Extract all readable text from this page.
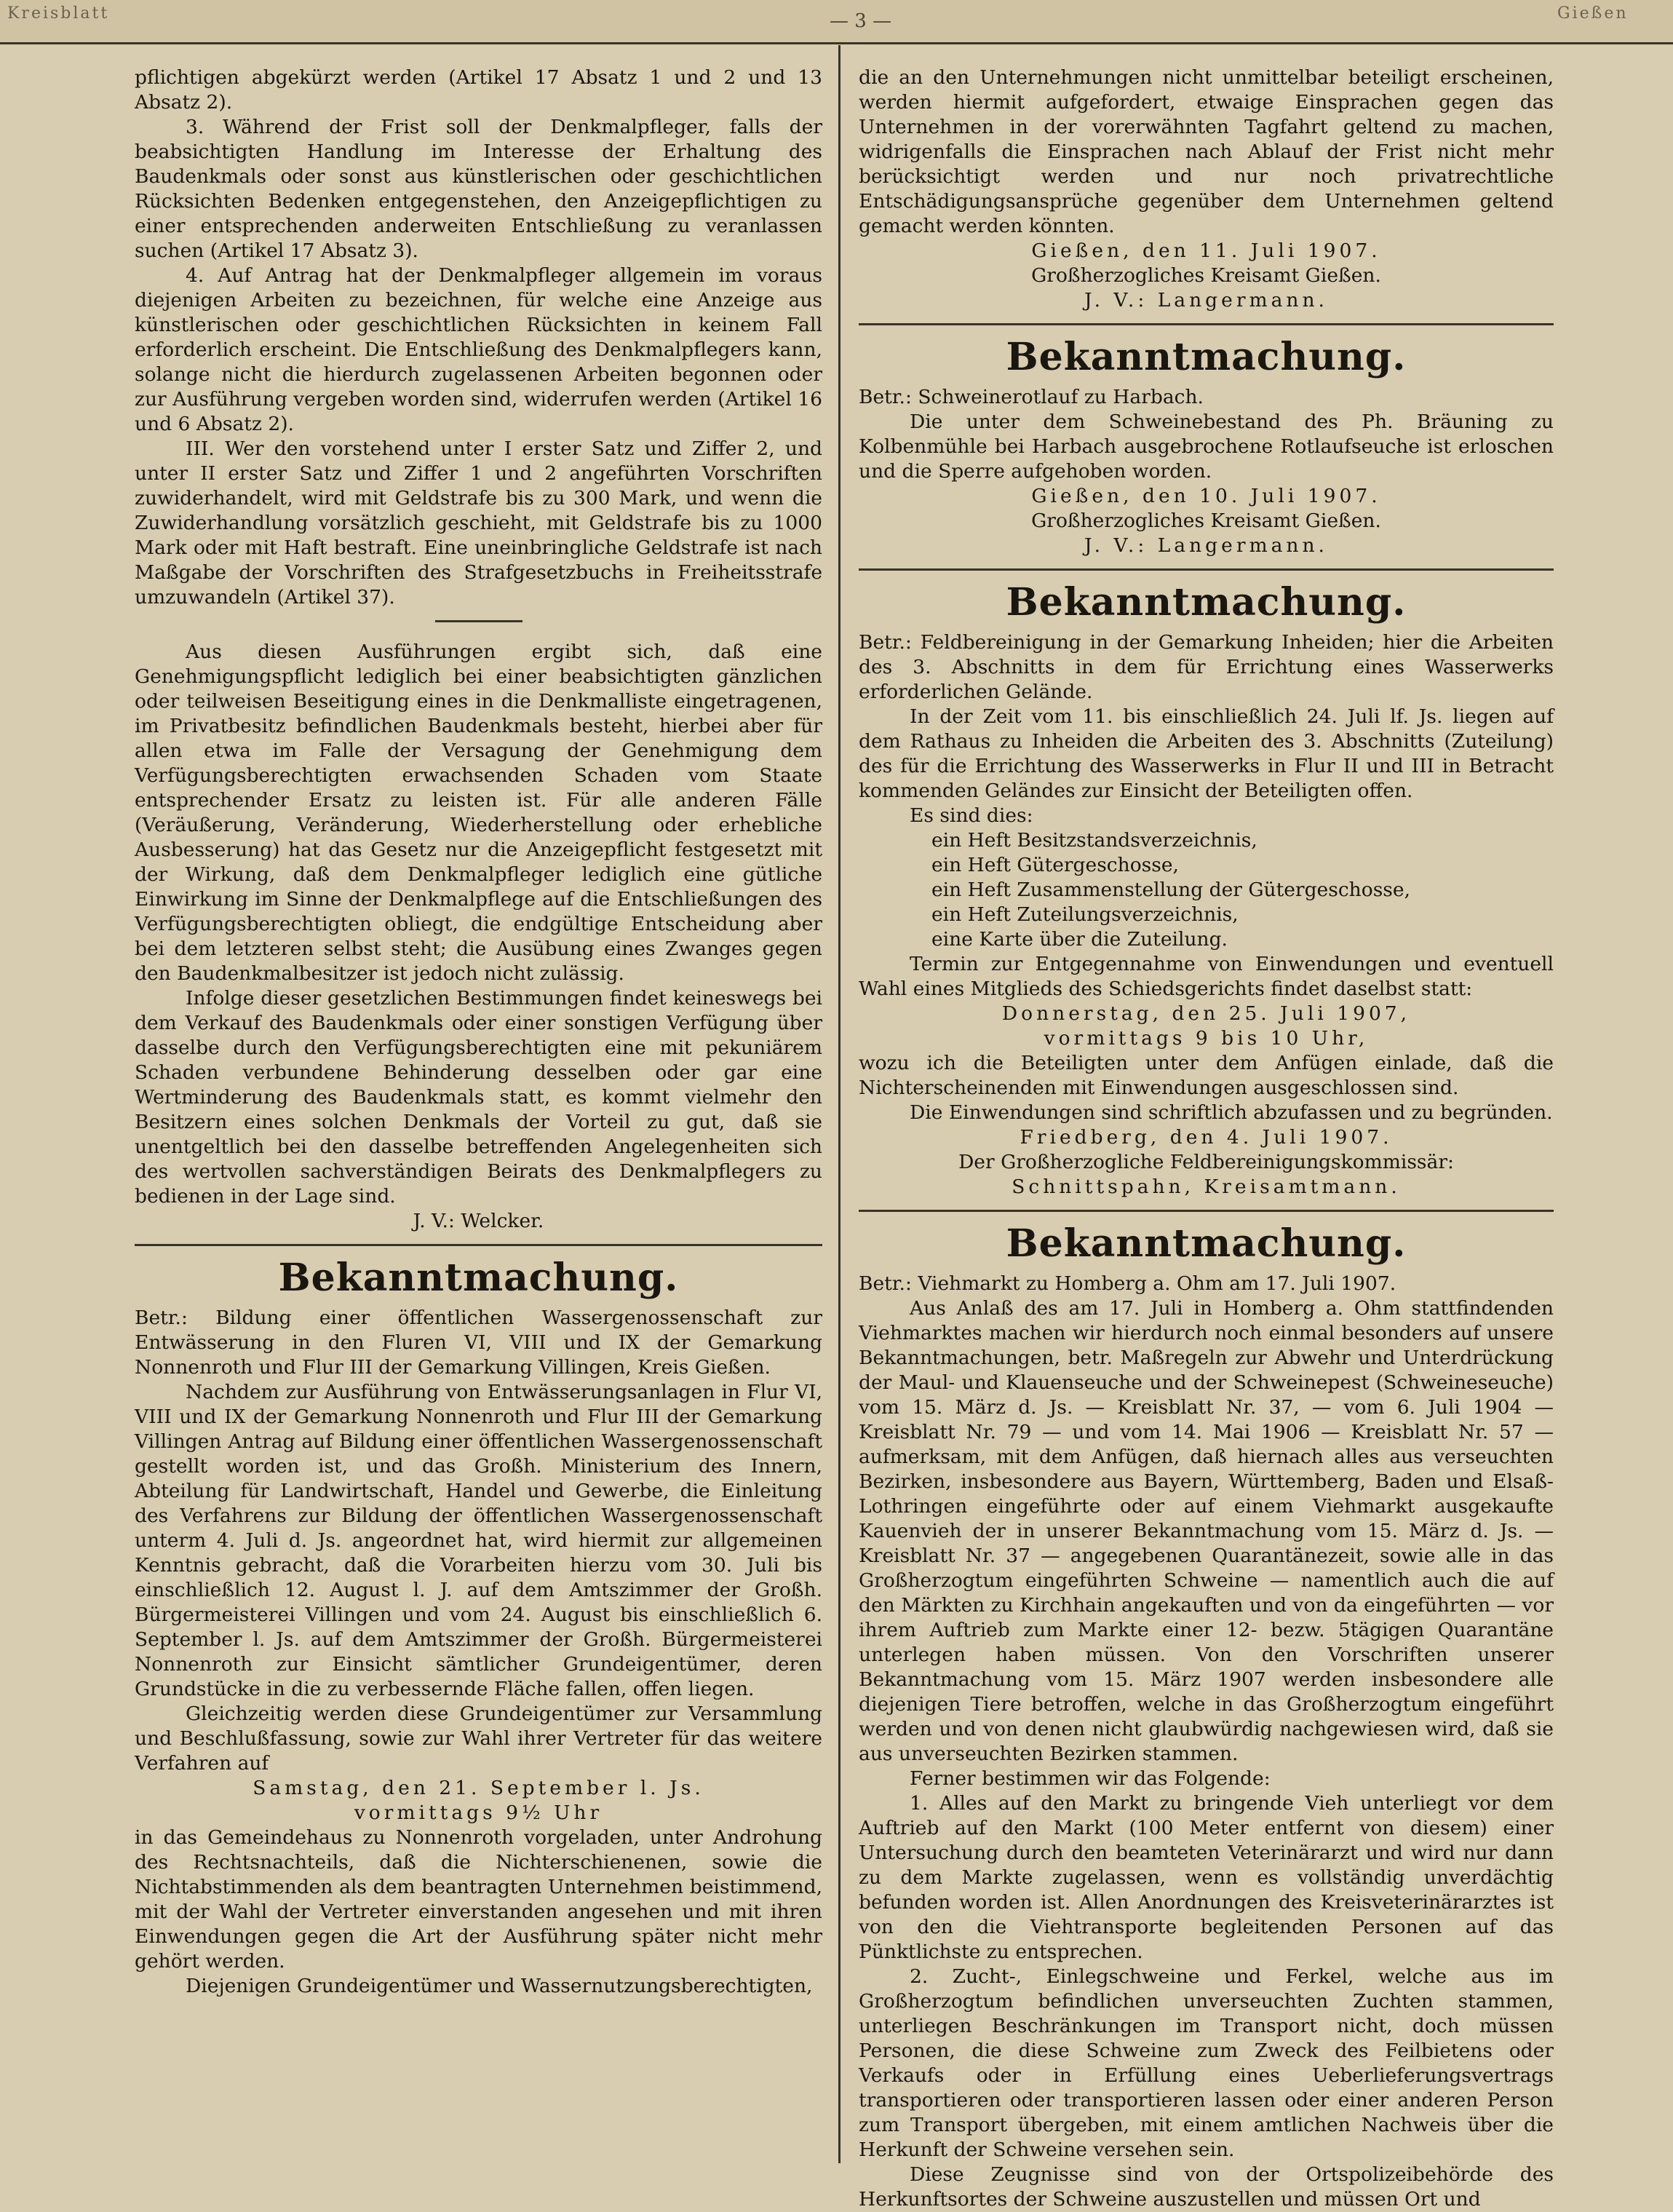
Kreisblatt	— 3 —	Gießen

pflichtigen abgekürzt werden (Artikel 17 Absatz 1 und 2 und 13 Absatz 2).

3. Während der Frist soll der Denkmalpfleger, falls der beabsichtigten Handlung im Interesse der Erhaltung des Baudenkmals oder sonst aus künstlerischen oder geschichtlichen Rücksichten Bedenken entgegenstehen, den Anzeigepflichtigen zu einer entsprechenden anderweiten Entschließung zu veranlassen suchen (Artikel 17 Absatz 3).

4. Auf Antrag hat der Denkmalpfleger allgemein im voraus diejenigen Arbeiten zu bezeichnen, für welche eine Anzeige aus künstlerischen oder geschichtlichen Rücksichten in keinem Fall erforderlich erscheint. Die Entschließung des Denkmalpflegers kann, solange nicht die hierdurch zugelassenen Arbeiten begonnen oder zur Ausführung vergeben worden sind, widerrufen werden (Artikel 16 und 6 Absatz 2).

III. Wer den vorstehend unter I erster Satz und Ziffer 2, und unter II erster Satz und Ziffer 1 und 2 angeführten Vorschriften zuwiderhandelt, wird mit Geldstrafe bis zu 300 Mark, und wenn die Zuwiderhandlung vorsätzlich geschieht, mit Geldstrafe bis zu 1000 Mark oder mit Haft bestraft. Eine uneinbringliche Geldstrafe ist nach Maßgabe der Vorschriften des Strafgesetzbuchs in Freiheitsstrafe umzuwandeln (Artikel 37).

Aus diesen Ausführungen ergibt sich, daß eine Genehmigungspflicht lediglich bei einer beabsichtigten gänzlichen oder teilweisen Beseitigung eines in die Denkmalliste eingetragenen, im Privatbesitz befindlichen Baudenkmals besteht, hierbei aber für allen etwa im Falle der Versagung der Genehmigung dem Verfügungsberechtigten erwachsenden Schaden vom Staate entsprechender Ersatz zu leisten ist. Für alle anderen Fälle (Veräußerung, Veränderung, Wiederherstellung oder erhebliche Ausbesserung) hat das Gesetz nur die Anzeigepflicht festgesetzt mit der Wirkung, daß dem Denkmalpfleger lediglich eine gütliche Einwirkung im Sinne der Denkmalpflege auf die Entschließungen des Verfügungsberechtigten obliegt, die endgültige Entscheidung aber bei dem letzteren selbst steht; die Ausübung eines Zwanges gegen den Baudenkmalbesitzer ist jedoch nicht zulässig.

Infolge dieser gesetzlichen Bestimmungen findet keineswegs bei dem Verkauf des Baudenkmals oder einer sonstigen Verfügung über dasselbe durch den Verfügungsberechtigten eine mit pekuniärem Schaden verbundene Behinderung desselben oder gar eine Wertminderung des Baudenkmals statt, es kommt vielmehr den Besitzern eines solchen Denkmals der Vorteil zu gut, daß sie unentgeltlich bei den dasselbe betreffenden Angelegenheiten sich des wertvollen sachverständigen Beirats des Denkmalpflegers zu bedienen in der Lage sind.

J. V.: Welcker.

Bekanntmachung.

Betr.: Bildung einer öffentlichen Wassergenossenschaft zur Entwässerung in den Fluren VI, VIII und IX der Gemarkung Nonnenroth und Flur III der Gemarkung Villingen, Kreis Gießen.

Nachdem zur Ausführung von Entwässerungsanlagen in Flur VI, VIII und IX der Gemarkung Nonnenroth und Flur III der Gemarkung Villingen Antrag auf Bildung einer öffentlichen Wassergenossenschaft gestellt worden ist, und das Großh. Ministerium des Innern, Abteilung für Landwirtschaft, Handel und Gewerbe, die Einleitung des Verfahrens zur Bildung der öffentlichen Wassergenossenschaft unterm 4. Juli d. Js. angeordnet hat, wird hiermit zur allgemeinen Kenntnis gebracht, daß die Vorarbeiten hierzu vom 30. Juli bis einschließlich 12. August l. J. auf dem Amtszimmer der Großh. Bürgermeisterei Villingen und vom 24. August bis einschließlich 6. September l. Js. auf dem Amtszimmer der Großh. Bürgermeisterei Nonnenroth zur Einsicht sämtlicher Grundeigentümer, deren Grundstücke in die zu verbessernde Fläche fallen, offen liegen.

Gleichzeitig werden diese Grundeigentümer zur Versammlung und Beschlußfassung, sowie zur Wahl ihrer Vertreter für das weitere Verfahren auf

Samstag, den 21. September l. Js.

vormittags 9½ Uhr

in das Gemeindehaus zu Nonnenroth vorgeladen, unter Androhung des Rechtsnachteils, daß die Nichterschienenen, sowie die Nichtabstimmenden als dem beantragten Unternehmen beistimmend, mit der Wahl der Vertreter einverstanden angesehen und mit ihren Einwendungen gegen die Art der Ausführung später nicht mehr gehört werden.

Diejenigen Grundeigentümer und Wassernutzungsberechtigten,

die an den Unternehmungen nicht unmittelbar beteiligt erscheinen, werden hiermit aufgefordert, etwaige Einsprachen gegen das Unternehmen in der vorerwähnten Tagfahrt geltend zu machen, widrigenfalls die Einsprachen nach Ablauf der Frist nicht mehr berücksichtigt werden und nur noch privatrechtliche Entschädigungsansprüche gegenüber dem Unternehmen geltend gemacht werden könnten.

Gießen, den 11. Juli 1907.

Großherzogliches Kreisamt Gießen.

J. V.: Langermann.

Bekanntmachung.

Betr.: Schweinerotlauf zu Harbach.

Die unter dem Schweinebestand des Ph. Bräuning zu Kolbenmühle bei Harbach ausgebrochene Rotlaufseuche ist erloschen und die Sperre aufgehoben worden.

Gießen, den 10. Juli 1907.

Großherzogliches Kreisamt Gießen.

J. V.: Langermann.

Bekanntmachung.

Betr.: Feldbereinigung in der Gemarkung Inheiden; hier die Arbeiten des 3. Abschnitts in dem für Errichtung eines Wasserwerks erforderlichen Gelände.

In der Zeit vom 11. bis einschließlich 24. Juli lf. Js. liegen auf dem Rathaus zu Inheiden die Arbeiten des 3. Abschnitts (Zuteilung) des für die Errichtung des Wasserwerks in Flur II und III in Betracht kommenden Geländes zur Einsicht der Beteiligten offen.

Es sind dies:

ein Heft Besitzstandsverzeichnis,

ein Heft Gütergeschosse,

ein Heft Zusammenstellung der Gütergeschosse,

ein Heft Zuteilungsverzeichnis,

eine Karte über die Zuteilung.

Termin zur Entgegennahme von Einwendungen und eventuell Wahl eines Mitglieds des Schiedsgerichts findet daselbst statt:

Donnerstag, den 25. Juli 1907,

vormittags 9 bis 10 Uhr,

wozu ich die Beteiligten unter dem Anfügen einlade, daß die Nichterscheinenden mit Einwendungen ausgeschlossen sind.

Die Einwendungen sind schriftlich abzufassen und zu begründen.

Friedberg, den 4. Juli 1907.

Der Großherzogliche Feldbereinigungskommissär:

Schnittspahn, Kreisamtmann.

Bekanntmachung.

Betr.: Viehmarkt zu Homberg a. Ohm am 17. Juli 1907.

Aus Anlaß des am 17. Juli in Homberg a. Ohm stattfindenden Viehmarktes machen wir hierdurch noch einmal besonders auf unsere Bekanntmachungen, betr. Maßregeln zur Abwehr und Unterdrückung der Maul- und Klauenseuche und der Schweinepest (Schweineseuche) vom 15. März d. Js. — Kreisblatt Nr. 37, — vom 6. Juli 1904 — Kreisblatt Nr. 79 — und vom 14. Mai 1906 — Kreisblatt Nr. 57 — aufmerksam, mit dem Anfügen, daß hiernach alles aus verseuchten Bezirken, insbesondere aus Bayern, Württemberg, Baden und Elsaß-Lothringen eingeführte oder auf einem Viehmarkt ausgekaufte Kauenvieh der in unserer Bekanntmachung vom 15. März d. Js. — Kreisblatt Nr. 37 — angegebenen Quarantänezeit, sowie alle in das Großherzogtum eingeführten Schweine — namentlich auch die auf den Märkten zu Kirchhain angekauften und von da eingeführten — vor ihrem Auftrieb zum Markte einer 12- bezw. 5tägigen Quarantäne unterlegen haben müssen. Von den Vorschriften unserer Bekanntmachung vom 15. März 1907 werden insbesondere alle diejenigen Tiere betroffen, welche in das Großherzogtum eingeführt werden und von denen nicht glaubwürdig nachgewiesen wird, daß sie aus unverseuchten Bezirken stammen.

Ferner bestimmen wir das Folgende:

1. Alles auf den Markt zu bringende Vieh unterliegt vor dem Auftrieb auf den Markt (100 Meter entfernt von diesem) einer Untersuchung durch den beamteten Veterinärarzt und wird nur dann zu dem Markte zugelassen, wenn es vollständig unverdächtig befunden worden ist. Allen Anordnungen des Kreisveterinärarztes ist von den die Viehtransporte begleitenden Personen auf das Pünktlichste zu entsprechen.

2. Zucht-, Einlegschweine und Ferkel, welche aus im Großherzogtum befindlichen unverseuchten Zuchten stammen, unterliegen Beschränkungen im Transport nicht, doch müssen Personen, die diese Schweine zum Zweck des Feilbietens oder Verkaufs oder in Erfüllung eines Ueberlieferungsvertrags transportieren oder transportieren lassen oder einer anderen Person zum Transport übergeben, mit einem amtlichen Nachweis über die Herkunft der Schweine versehen sein.

Diese Zeugnisse sind von der Ortspolizeibehörde des Herkunftsortes der Schweine auszustellen und müssen Ort und
